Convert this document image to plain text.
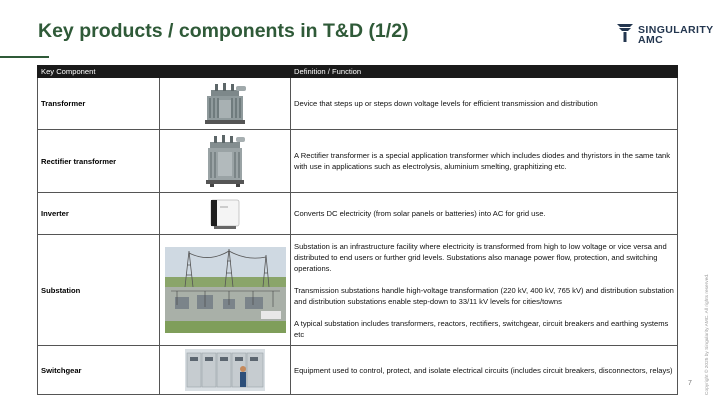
Key products / components in T&D (1/2)	SINGULARITY
AMC
Key Component		Definition / Function
Transformer		Device that steps up or steps down voltage levels for efficient transmission and distribution

Rectifier transformer		A Rectifier transformer is a special application transformer which includes diodes and thyristors in the same tank with use in applications such as electrolysis, aluminium smelting, graphitizing etc.

Inverter		Converts DC electricity (from solar panels or batteries) into AC for grid use.

Substation		Substation is an infrastructure facility where electricity is transformed from high to low voltage or vice versa and distributed to end users or further grid levels. Substations also manage power flow, protection, and switching operations.

Transmission substations handle high-voltage transformation (220 kV, 400 kV, 765 kV) and distribution substation and distribution substations enable step-down to 33/11 kV levels for cities/towns

A typical substation includes transformers, reactors, rectifiers, switchgear, circuit breakers and earthing systems etc

Switchgear		Equipment used to control, protect, and isolate electrical circuits (includes circuit breakers, disconnectors, relays)	Copyright © 2025 by Singularity AMC. All rights reserved.
7
